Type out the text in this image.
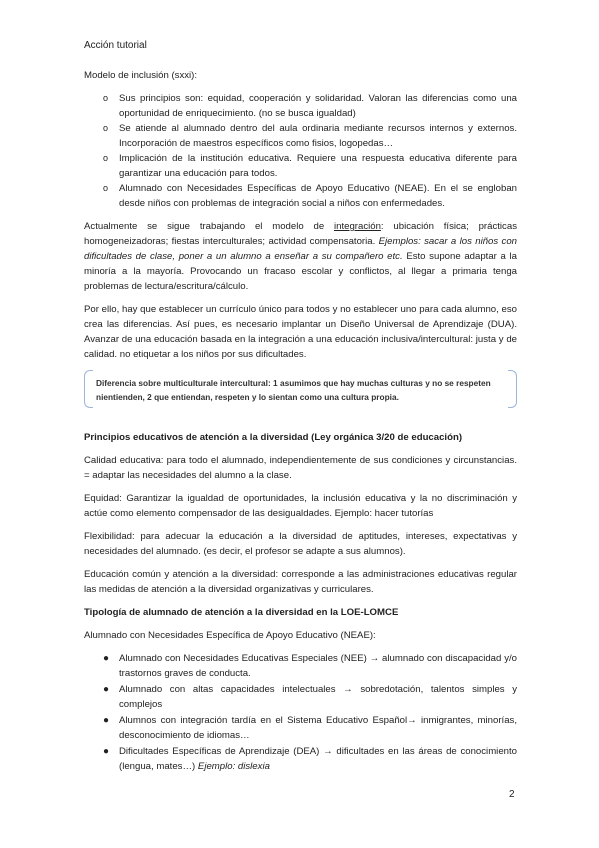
Acción tutorial

Modelo de inclusión (sxxi):

o Sus principios son: equidad, cooperación y solidaridad. Valoran las diferencias como una oportunidad de enriquecimiento. (no se busca igualdad)
o Se atiende al alumnado dentro del aula ordinaria mediante recursos internos y externos. Incorporación de maestros específicos como fisios, logopedas…
o Implicación de la institución educativa. Requiere una respuesta educativa diferente para garantizar una educación para todos.
o Alumnado con Necesidades Específicas de Apoyo Educativo (NEAE). En el se engloban desde niños con problemas de integración social a niños con enfermedades.

Actualmente se sigue trabajando el modelo de integración: ubicación física; prácticas homogeneizadoras; fiestas interculturales; actividad compensatoria. Ejemplos: sacar a los niños con dificultades de clase, poner a un alumno a enseñar a su compañero etc. Esto supone adaptar a la minoría a la mayoría. Provocando un fracaso escolar y conflictos, al llegar a primaria tenga problemas de lectura/escritura/cálculo.

Por ello, hay que establecer un currículo único para todos y no establecer uno para cada alumno, eso crea las diferencias. Así pues, es necesario implantar un Diseño Universal de Aprendizaje (DUA). Avanzar de una educación basada en la integración a una educación inclusiva/intercultural: justa y de calidad. no etiquetar a los niños por sus dificultades.

Diferencia sobre multiculturale intercultural: 1 asumimos que hay muchas culturas y no se respeten nientienden, 2 que entiendan, respeten y lo sientan como una cultura propia.
Principios educativos de atención a la diversidad (Ley orgánica 3/20 de educación)

Calidad educativa: para todo el alumnado, independientemente de sus condiciones y circunstancias. = adaptar las necesidades del alumno a la clase.

Equidad: Garantizar la igualdad de oportunidades, la inclusión educativa y la no discriminación y actúe como elemento compensador de las desigualdades. Ejemplo: hacer tutorías

Flexibilidad: para adecuar la educación a la diversidad de aptitudes, intereses, expectativas y necesidades del alumnado. (es decir, el profesor se adapte a sus alumnos).

Educación común y atención a la diversidad: corresponde a las administraciones educativas regular las medidas de atención a la diversidad organizativas y curriculares.

Tipología de alumnado de atención a la diversidad en la LOE-LOMCE

Alumnado con Necesidades Específica de Apoyo Educativo (NEAE):

● Alumnado con Necesidades Educativas Especiales (NEE) → alumnado con discapacidad y/o trastornos graves de conducta.
● Alumnado con altas capacidades intelectuales → sobredotación, talentos simples y complejos
● Alumnos con integración tardía en el Sistema Educativo Español→ inmigrantes, minorías, desconocimiento de idiomas…
● Dificultades Específicas de Aprendizaje (DEA) → dificultades en las áreas de conocimiento (lengua, mates…) Ejemplo: dislexia
2
